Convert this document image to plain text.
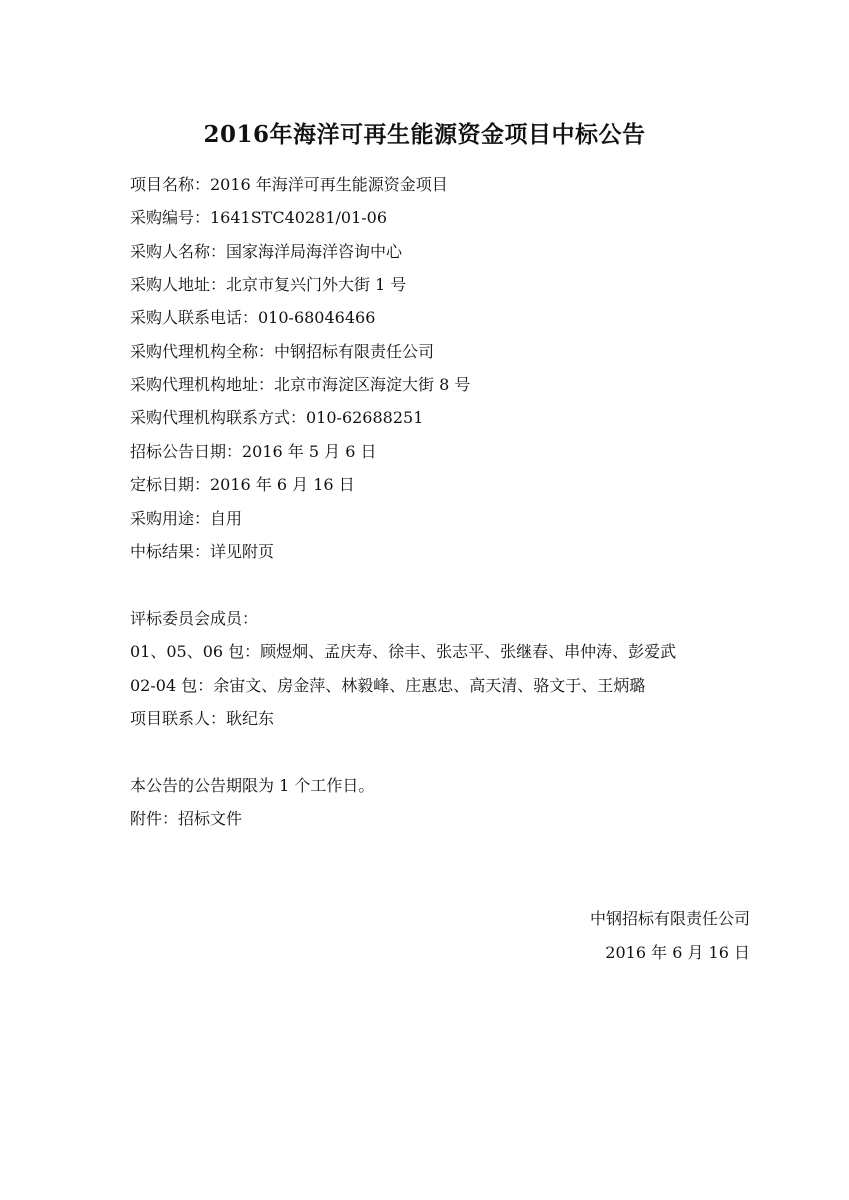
2016年海洋可再生能源资金项目中标公告
项目名称：2016 年海洋可再生能源资金项目
采购编号：1641STC40281/01-06
采购人名称：国家海洋局海洋咨询中心
采购人地址：北京市复兴门外大街 1 号
采购人联系电话：010-68046466
采购代理机构全称：中钢招标有限责任公司
采购代理机构地址：北京市海淀区海淀大街 8 号
采购代理机构联系方式：010-62688251
招标公告日期：2016 年 5 月 6 日
定标日期：2016 年 6 月 16 日
采购用途：自用
中标结果：详见附页
评标委员会成员：
01、05、06 包：顾煜炯、孟庆寿、徐丰、张志平、张继春、串仲涛、彭爱武
02-04 包：余宙文、房金萍、林毅峰、庄惠忠、高天清、骆文于、王炳璐
项目联系人：耿纪东
本公告的公告期限为 1 个工作日。
附件：招标文件
中钢招标有限责任公司
2016 年 6 月 16 日
